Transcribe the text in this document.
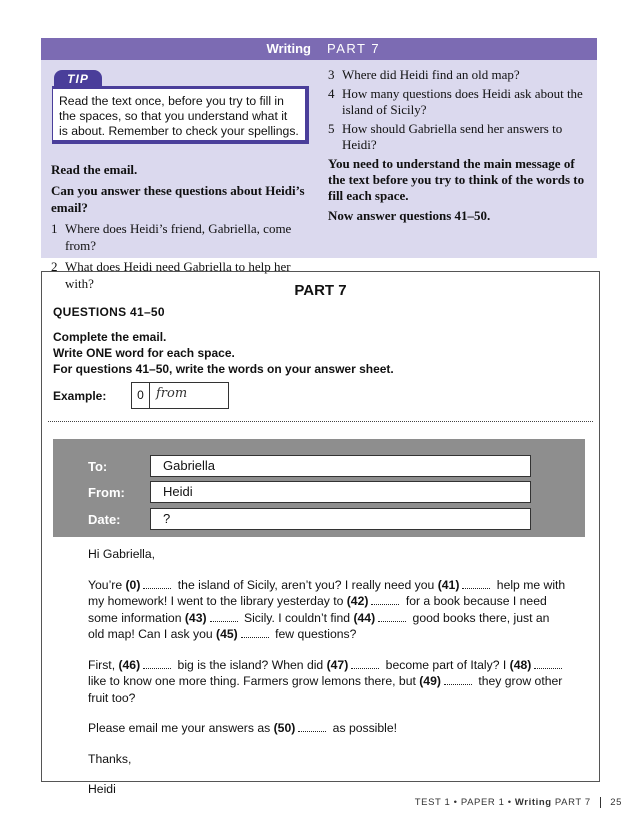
Writing PART 7
TIP
Read the text once, before you try to fill in the spaces, so that you understand what it is about. Remember to check your spellings.
Read the email.
Can you answer these questions about Heidi’s email?
1 Where does Heidi’s friend, Gabriella, come from?
2 What does Heidi need Gabriella to help her with?
3 Where did Heidi find an old map?
4 How many questions does Heidi ask about the island of Sicily?
5 How should Gabriella send her answers to Heidi?
You need to understand the main message of the text before you try to think of the words to fill each space.
Now answer questions 41–50.
PART 7
QUESTIONS 41–50
Complete the email.
Write ONE word for each space.
For questions 41–50, write the words on your answer sheet.
Example:	0 from
To:	Gabriella
From:	Heidi
Date:	?

Hi Gabriella,

You’re (0)	the island of Sicily, aren’t you? I really need you (41)	help me with my homework! I went to the library yesterday to (42)	for a book because I need some information (43)	Sicily. I couldn’t find (44)	good books there, just an old map! Can I ask you (45)	few questions?

First, (46)	big is the island? When did (47)	become part of Italy? I (48) like to know one more thing. Farmers grow lemons there, but (49)	they grow other fruit too?

Please email me your answers as (50)	as possible!

Thanks,

Heidi

TEST 1 • PAPER 1 • Writing PART 7 25
